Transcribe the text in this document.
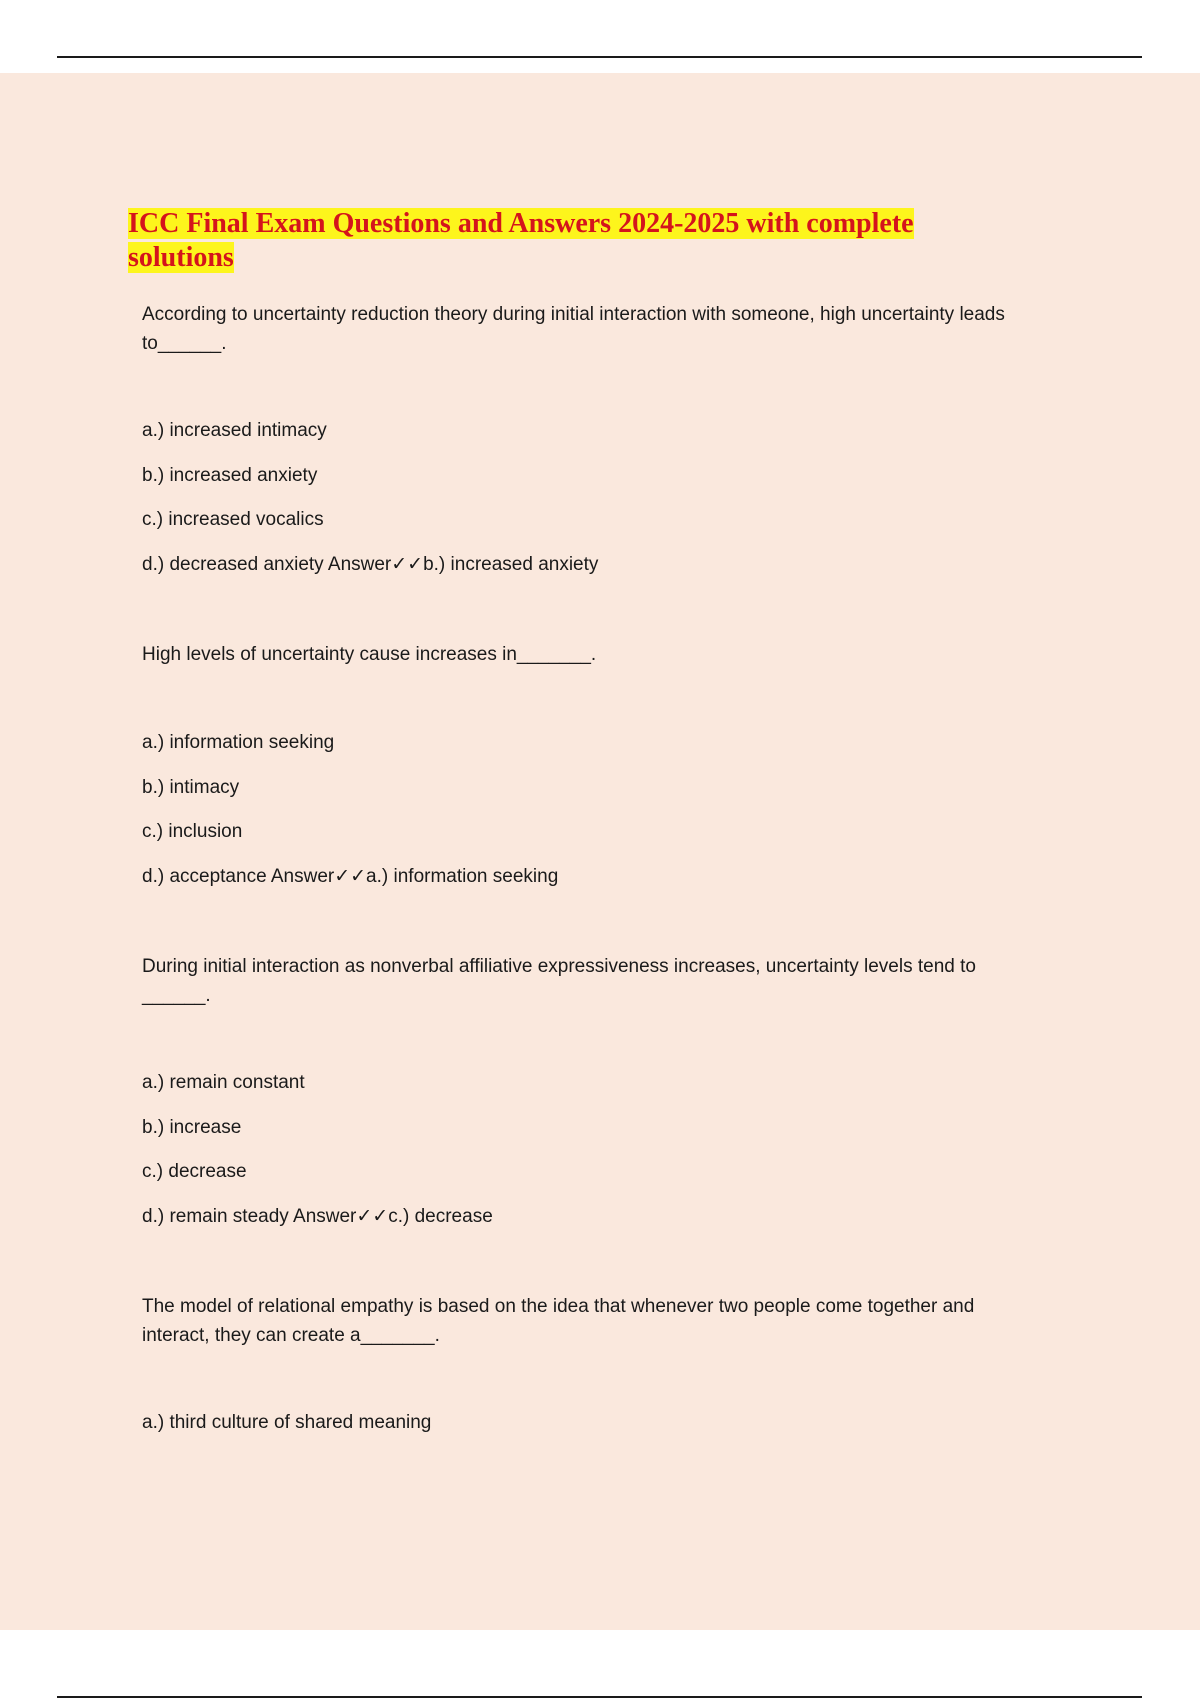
ICC Final Exam Questions and Answers 2024-2025 with complete solutions

According to uncertainty reduction theory during initial interaction with someone, high uncertainty leads to______.

a.) increased intimacy
b.) increased anxiety
c.) increased vocalics
d.) decreased anxiety Answer✓✓b.) increased anxiety

High levels of uncertainty cause increases in_______.

a.) information seeking
b.) intimacy
c.) inclusion
d.) acceptance Answer✓✓a.) information seeking

During initial interaction as nonverbal affiliative expressiveness increases, uncertainty levels tend to ______.

a.) remain constant
b.) increase
c.) decrease
d.) remain steady Answer✓✓c.) decrease

The model of relational empathy is based on the idea that whenever two people come together and interact, they can create a_______.

a.) third culture of shared meaning
